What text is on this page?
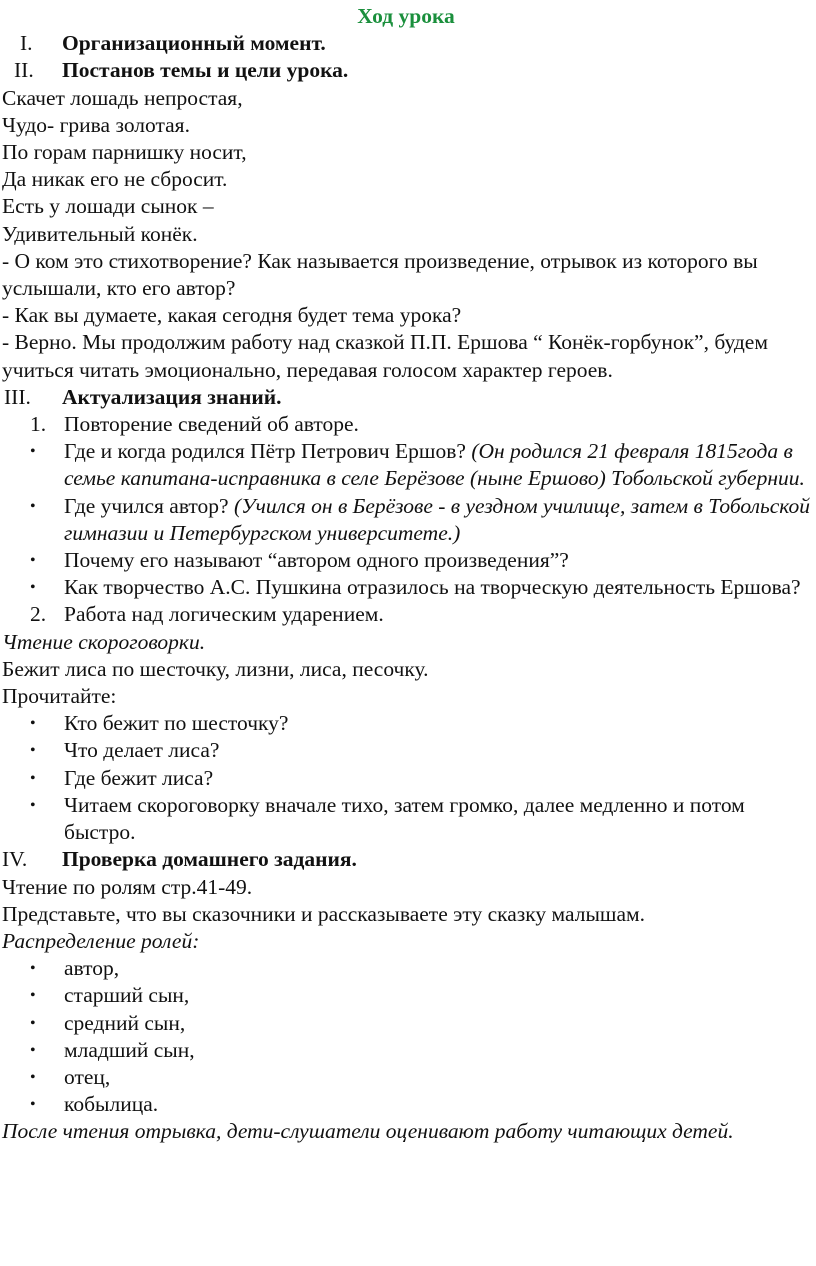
Ход урока
I.	Организационный момент.
II.	Постанов темы и цели урока.
Скачет лошадь непростая,
Чудо- грива золотая.
По горам парнишку носит,
Да никак его не сбросит.
Есть у лошади сынок –
Удивительный конёк.
- О ком это стихотворение? Как называется произведение, отрывок из которого вы услышали, кто его автор?
- Как вы думаете, какая сегодня будет тема урока?
- Верно. Мы продолжим работу над сказкой П.П. Ершова “ Конёк-горбунок”, будем учиться читать эмоционально, передавая голосом характер героев.
III.	Актуализация знаний.
1. Повторение сведений об авторе.
• Где и когда родился Пётр Петрович Ершов? (Он родился 21 февраля 1815года в семье капитана-исправника в селе Берёзове (ныне Ершово) Тобольской губернии.
• Где учился автор? (Учился он в Берёзове - в уездном училище, затем в Тобольской гимназии и Петербургском университете.)
• Почему его называют “автором одного произведения”?
• Как творчество А.С. Пушкина отразилось на творческую деятельность Ершова?
2. Работа над логическим ударением.
Чтение скороговорки.
Бежит лиса по шесточку, лизни, лиса, песочку.
Прочитайте:
• Кто бежит по шесточку?
• Что делает лиса?
• Где бежит лиса?
• Читаем скороговорку вначале тихо, затем громко, далее медленно и потом быстро.
IV.	Проверка домашнего задания.
Чтение по ролям стр.41-49.
Представьте, что вы сказочники и рассказываете эту сказку малышам.
Распределение ролей:
• автор,
• старший сын,
• средний сын,
• младший сын,
• отец,
• кобылица.
После чтения отрывка, дети-слушатели оценивают работу читающих детей.
